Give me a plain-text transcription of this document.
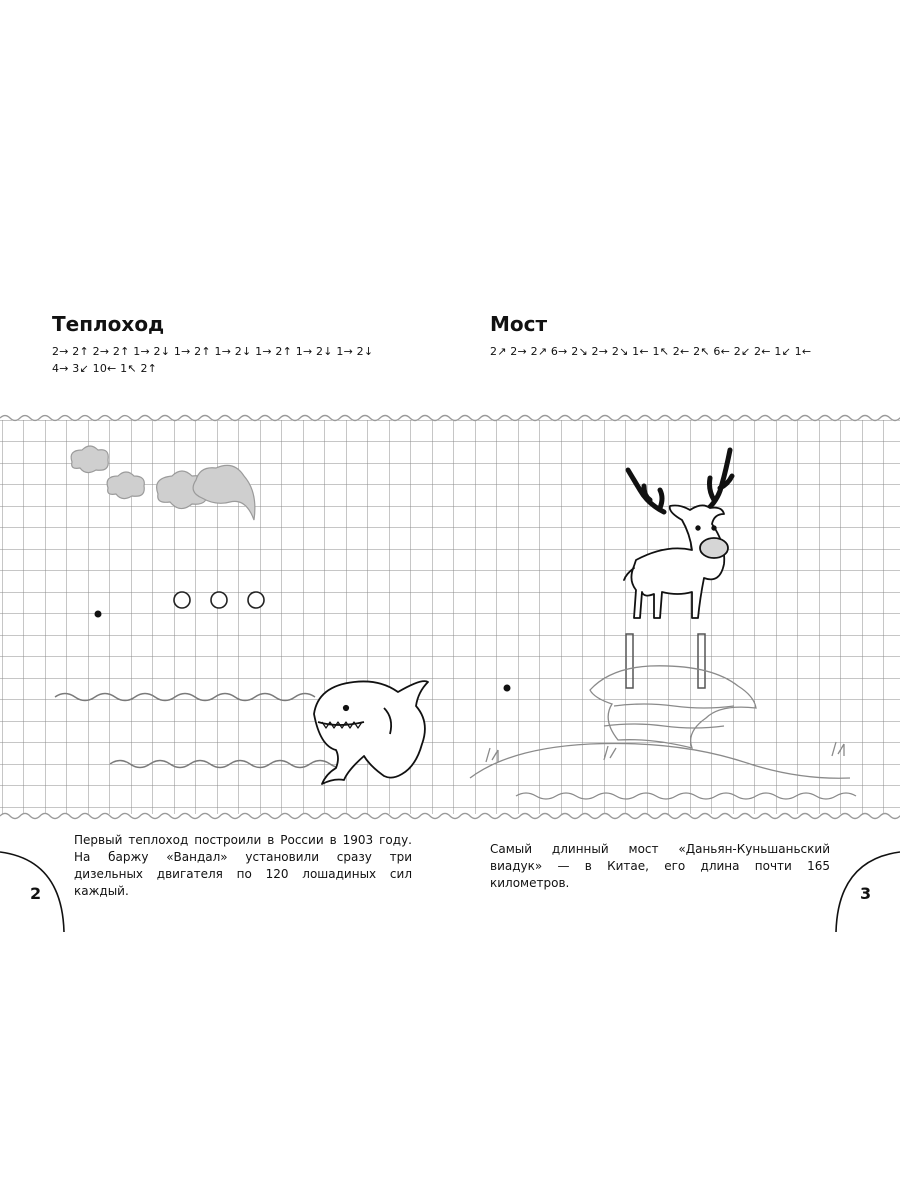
Теплоход
2→ 2↑ 2→ 2↑ 1→ 2↓ 1→ 2↑ 1→ 2↓ 1→ 2↑ 1→ 2↓ 1→ 2↓
4→ 3↙ 10← 1↖ 2↑
Мост
2↗ 2→ 2↗ 6→ 2↘ 2→ 2↘ 1← 1↖ 2← 2↖ 6← 2↙ 2← 1↙ 1←

Первый теплоход построили в России в 1903 году. На баржу «Вандал» установили сразу три дизельных двигателя по 120 лошадиных сил каждый.

Самый длинный мост «Даньян-Куньшаньский виадук» — в Китае, его длина почти 165 километров.

2	3
